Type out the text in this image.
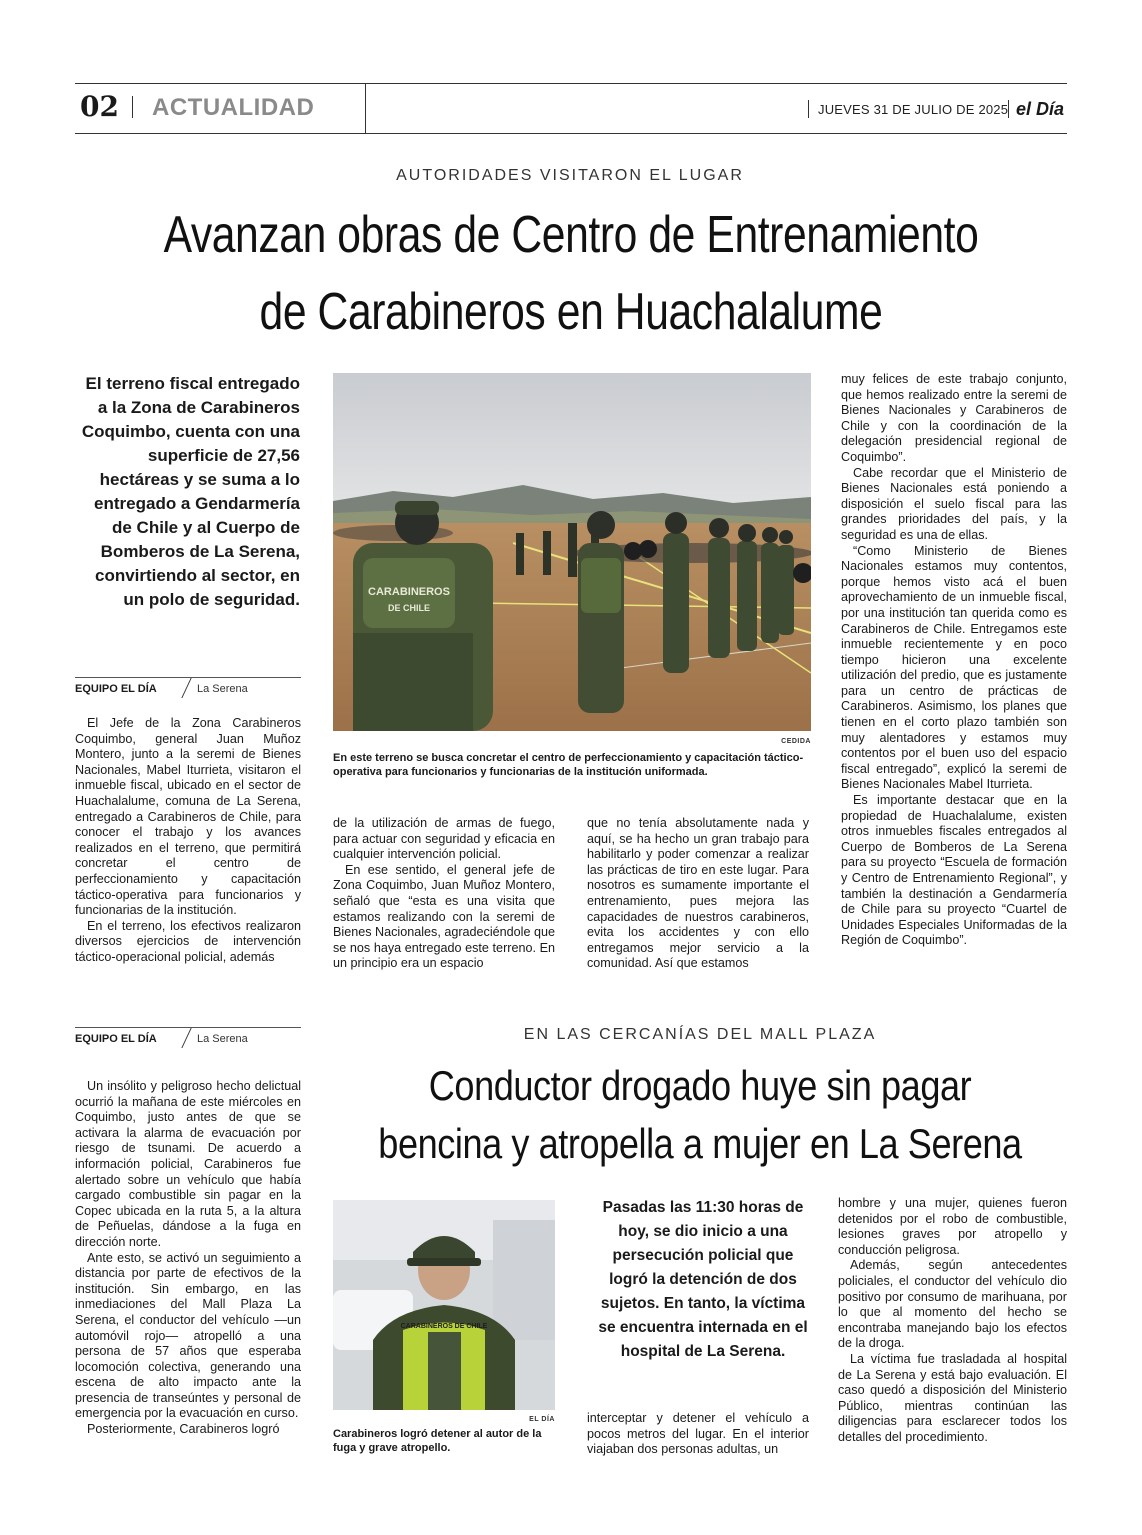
02 ACTUALIDAD	JUEVES 31 DE JULIO DE 2025 el Día
AUTORIDADES VISITARON EL LUGAR
Avanzan obras de Centro de Entrenamiento
de Carabineros en Huachalalume
El terreno fiscal entregado a la Zona de Carabineros Coquimbo, cuenta con una superficie de 27,56 hectáreas y se suma a lo entregado a Gendarmería de Chile y al Cuerpo de Bomberos de La Serena, convirtiendo al sector, en un polo de seguridad.
EQUIPO EL DÍA	La Serena

El Jefe de la Zona Carabineros Coquimbo, general Juan Muñoz Montero, junto a la seremi de Bienes Nacionales, Mabel Iturrieta, visitaron el inmueble fiscal, ubicado en el sector de Huachalalume, comuna de La Serena, entregado a Carabineros de Chile, para conocer el trabajo y los avances realizados en el terreno, que permitirá concretar el centro de perfeccionamiento y capacitación táctico-operativa para funcionarios y funcionarias de la institución.

En el terreno, los efectivos realizaron diversos ejercicios de intervención táctico-operacional policial, además

CARABINEROS
DE CHILE
CEDIDA
En este terreno se busca concretar el centro de perfeccionamiento y capacitación táctico-operativa para funcionarios y funcionarias de la institución uniformada.

de la utilización de armas de fuego, para actuar con seguridad y eficacia en cualquier intervención policial.

En ese sentido, el general jefe de Zona Coquimbo, Juan Muñoz Montero, señaló que “esta es una visita que estamos realizando con la seremi de Bienes Nacionales, agradeciéndole que se nos haya entregado este terreno. En un principio era un espacio

que no tenía absolutamente nada y aquí, se ha hecho un gran trabajo para habilitarlo y poder comenzar a realizar las prácticas de tiro en este lugar. Para nosotros es sumamente importante el entrenamiento, pues mejora las capacidades de nuestros carabineros, evita los accidentes y con ello entregamos mejor servicio a la comunidad. Así que estamos

muy felices de este trabajo conjunto, que hemos realizado entre la seremi de Bienes Nacionales y Carabineros de Chile y con la coordinación de la delegación presidencial regional de Coquimbo”.

Cabe recordar que el Ministerio de Bienes Nacionales está poniendo a disposición el suelo fiscal para las grandes prioridades del país, y la seguridad es una de ellas.

“Como Ministerio de Bienes Nacionales estamos muy contentos, porque hemos visto acá el buen aprovechamiento de un inmueble fiscal, por una institución tan querida como es Carabineros de Chile. Entregamos este inmueble recientemente y en poco tiempo hicieron una excelente utilización del predio, que es justamente para un centro de prácticas de Carabineros. Asimismo, los planes que tienen en el corto plazo también son muy alentadores y estamos muy contentos por el buen uso del espacio fiscal entregado”, explicó la seremi de Bienes Nacionales Mabel Iturrieta.

Es importante destacar que en la propiedad de Huachalalume, existen otros inmuebles fiscales entregados al Cuerpo de Bomberos de La Serena para su proyecto “Escuela de formación y Centro de Entrenamiento Regional”, y también la destinación a Gendarmería de Chile para su proyecto “Cuartel de Unidades Especiales Uniformadas de la Región de Coquimbo”.

EQUIPO EL DÍA	La Serena

Un insólito y peligroso hecho delictual ocurrió la mañana de este miércoles en Coquimbo, justo antes de que se activara la alarma de evacuación por riesgo de tsunami. De acuerdo a información policial, Carabineros fue alertado sobre un vehículo que había cargado combustible sin pagar en la Copec ubicada en la ruta 5, a la altura de Peñuelas, dándose a la fuga en dirección norte.

Ante esto, se activó un seguimiento a distancia por parte de efectivos de la institución. Sin embargo, en las inmediaciones del Mall Plaza La Serena, el conductor del vehículo —un automóvil rojo— atropelló a una persona de 57 años que esperaba locomoción colectiva, generando una escena de alto impacto ante la presencia de transeúntes y personal de emergencia por la evacuación en curso.

Posteriormente, Carabineros logró

EN LAS CERCANÍAS DEL MALL PLAZA
Conductor drogado huye sin pagar
bencina y atropella a mujer en La Serena
CARABINEROS DE CHILE
EL DÍA
Carabineros logró detener al autor de la fuga y grave atropello.
Pasadas las 11:30 horas de hoy, se dio inicio a una persecución policial que logró la detención de dos sujetos. En tanto, la víctima se encuentra internada en el hospital de La Serena.

interceptar y detener el vehículo a pocos metros del lugar. En el interior viajaban dos personas adultas, un

hombre y una mujer, quienes fueron detenidos por el robo de combustible, lesiones graves por atropello y conducción peligrosa.

Además, según antecedentes policiales, el conductor del vehículo dio positivo por consumo de marihuana, por lo que al momento del hecho se encontraba manejando bajo los efectos de la droga.

La víctima fue trasladada al hospital de La Serena y está bajo evaluación. El caso quedó a disposición del Ministerio Público, mientras continúan las diligencias para esclarecer todos los detalles del procedimiento.
